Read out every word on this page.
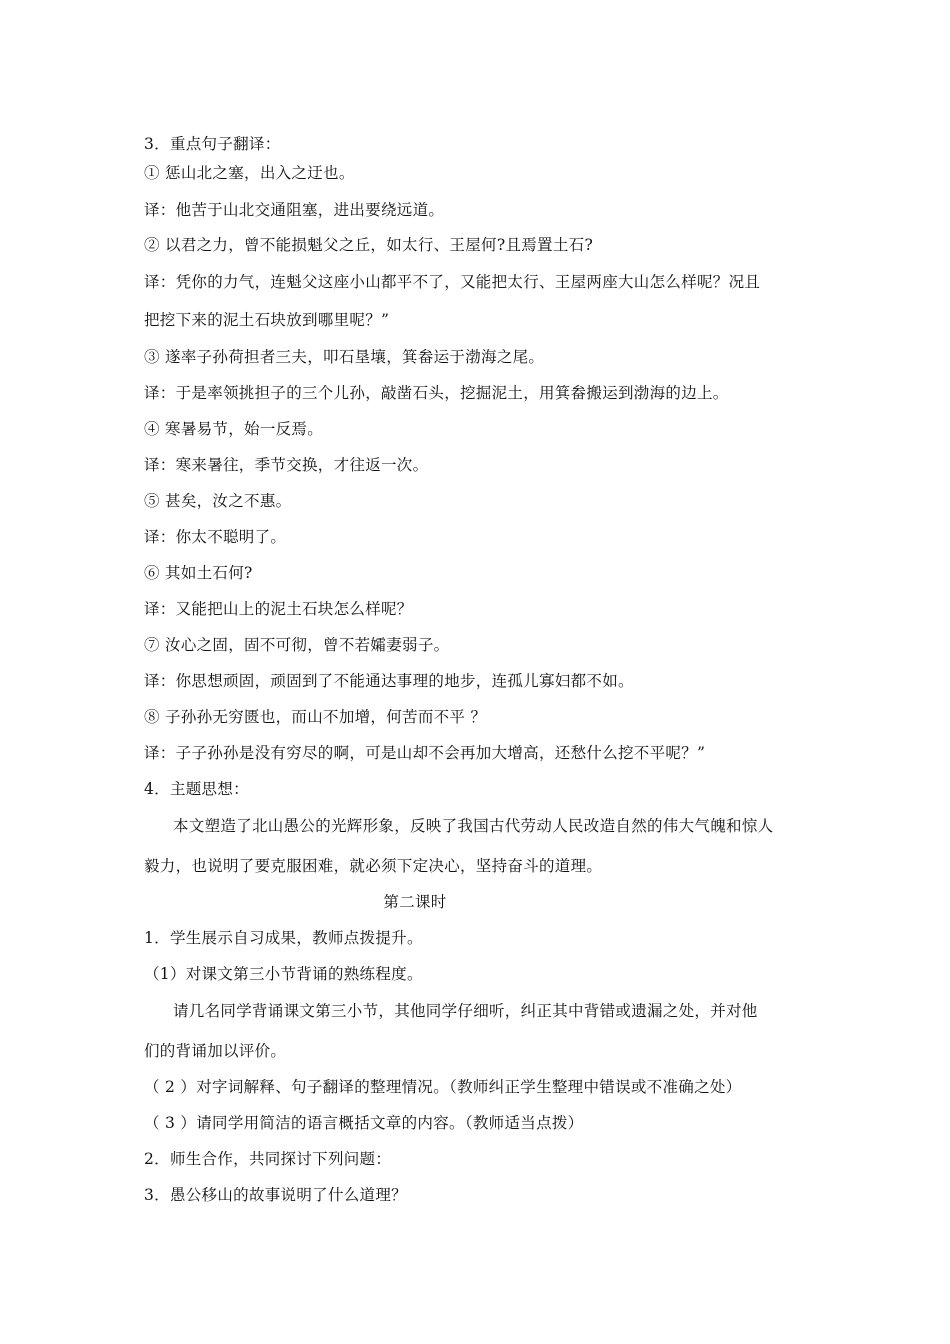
3．重点句子翻译：
① 惩山北之塞，出入之迂也。
译：他苦于山北交通阻塞，进出要绕远道。
② 以君之力，曾不能损魁父之丘，如太行、王屋何?且焉置土石?
译：凭你的力气，连魁父这座小山都平不了，又能把太行、王屋两座大山怎么样呢？况且
把挖下来的泥土石块放到哪里呢？”
③ 遂率子孙荷担者三夫，叩石垦壤，箕畚运于渤海之尾。
译：于是率领挑担子的三个儿孙，敲凿石头，挖掘泥土，用箕畚搬运到渤海的边上。
④ 寒暑易节，始一反焉。
译：寒来暑往，季节交换，才往返一次。
⑤ 甚矣，汝之不惠。
译：你太不聪明了。
⑥ 其如土石何?
译：又能把山上的泥土石块怎么样呢？
⑦ 汝心之固，固不可彻，曾不若孀妻弱子。
译：你思想顽固，顽固到了不能通达事理的地步，连孤儿寡妇都不如。
⑧ 子孙孙无穷匮也，而山不加增，何苦而不平 ？
译：子子孙孙是没有穷尽的啊，可是山却不会再加大增高，还愁什么挖不平呢？”
4．主题思想：
本文塑造了北山愚公的光辉形象，反映了我国古代劳动人民改造自然的伟大气魄和惊人
毅力，也说明了要克服困难，就必须下定决心，坚持奋斗的道理。
第二课时
1．学生展示自习成果，教师点拨提升。
（1）对课文第三小节背诵的熟练程度。
请几名同学背诵课文第三小节，其他同学仔细听，纠正其中背错或遗漏之处，并对他
们的背诵加以评价。
（ 2 ）对字词解释、句子翻译的整理情况。（教师纠正学生整理中错误或不准确之处）
（ 3 ）请同学用简洁的语言概括文章的内容。（教师适当点拨）
2．师生合作，共同探讨下列问题：
3．愚公移山的故事说明了什么道理？
